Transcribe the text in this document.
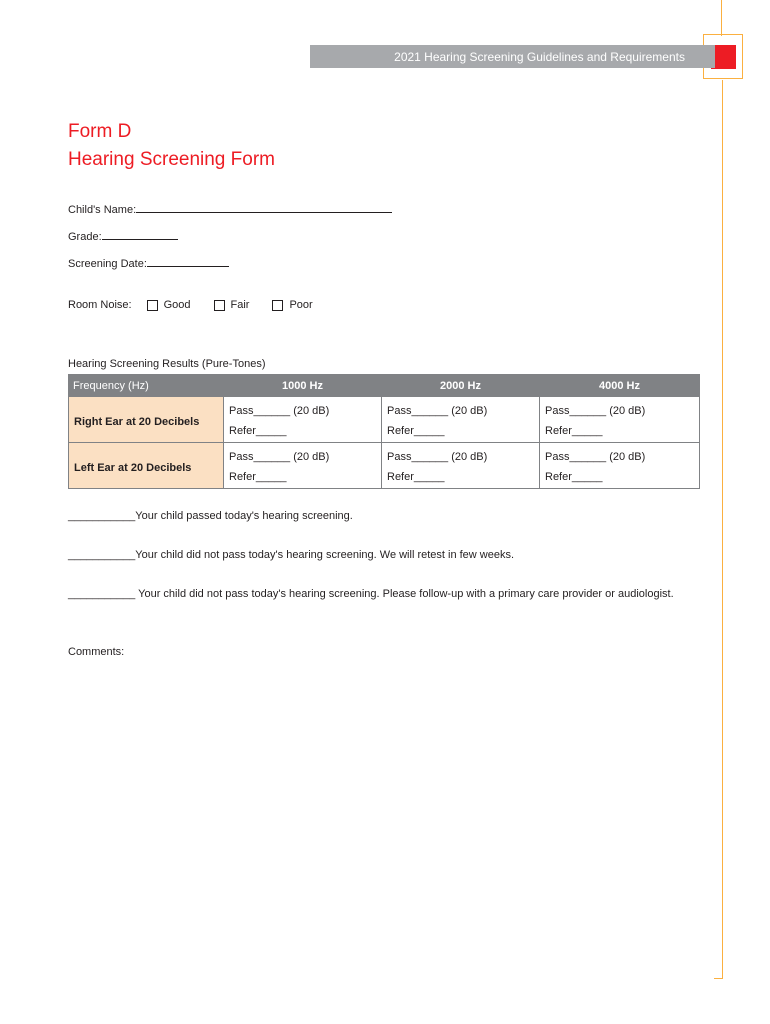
2021 Hearing Screening Guidelines and Requirements
Form D
Hearing Screening Form
Child's Name:
Grade:
Screening Date:
Room Noise:	Good	Fair	Poor
Hearing Screening Results (Pure-Tones)
Frequency (Hz)	1000 Hz	2000 Hz	4000 Hz
Right Ear at 20 Decibels	Pass______ (20 dB)
Refer_____	Pass______ (20 dB)
Refer_____	Pass______ (20 dB)
Refer_____

Left Ear at 20 Decibels	Pass______ (20 dB)
Refer_____	Pass______ (20 dB)
Refer_____	Pass______ (20 dB)
Refer_____
___________Your child passed today's hearing screening.
___________Your child did not pass today's hearing screening. We will retest in few weeks.
___________ Your child did not pass today's hearing screening. Please follow-up with a primary care provider or audiologist.
Comments:
